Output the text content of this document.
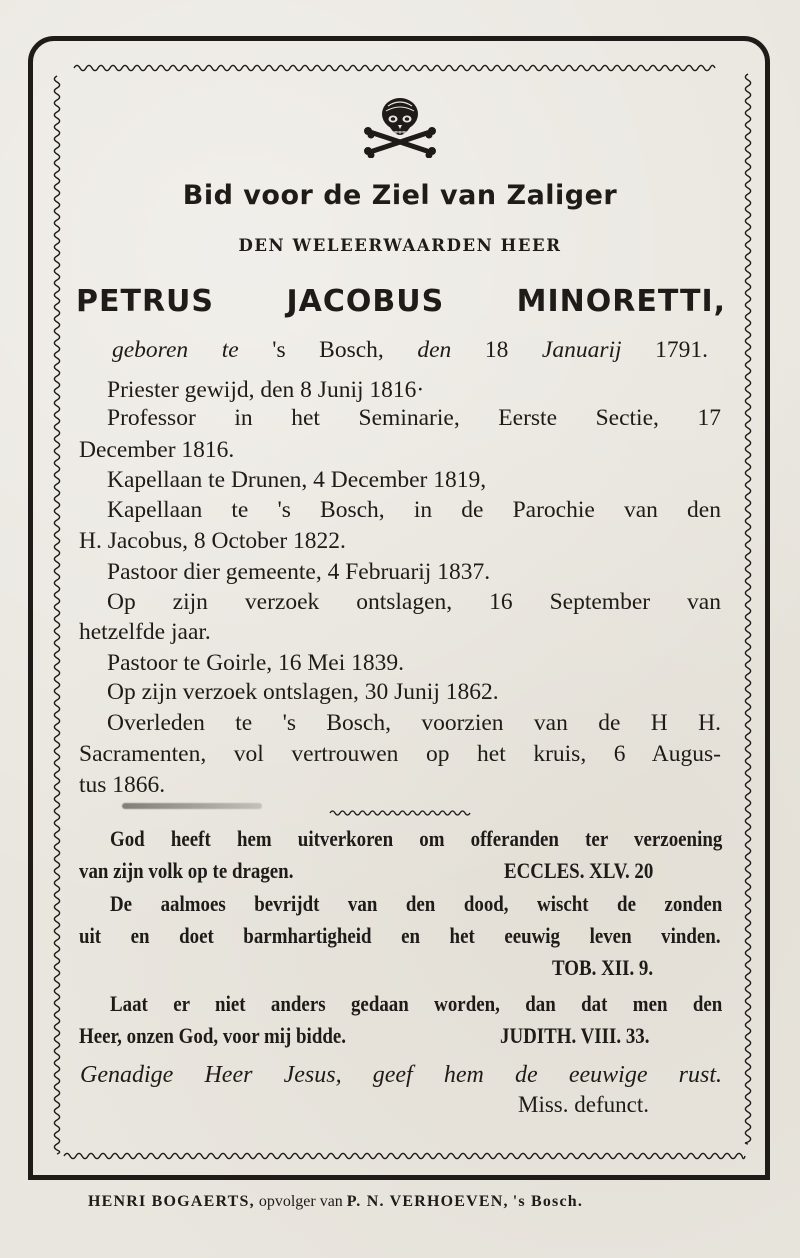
Bid voor de Ziel van Zaliger
DEN WELEERWAARDEN HEER
PETRUS JACOBUS MINORETTI,
geboren te 's Bosch, den 18 Januarij 1791.
Priester gewijd, den 8 Junij 1816·
Professor in het Seminarie, Eerste Sectie, 17
December 1816.
Kapellaan te Drunen, 4 December 1819,
Kapellaan te 's Bosch, in de Parochie van den
H. Jacobus, 8 October 1822.
Pastoor dier gemeente, 4 Februarij 1837.
Op zijn verzoek ontslagen, 16 September van
hetzelfde jaar.
Pastoor te Goirle, 16 Mei 1839.
Op zijn verzoek ontslagen, 30 Junij 1862.
Overleden te 's Bosch, voorzien van de H H.
Sacramenten, vol vertrouwen op het kruis, 6 Augus-
tus 1866.
God heeft hem uitverkoren om offeranden ter verzoening
van zijn volk op te dragen.	ECCLES. XLV. 20
De aalmoes bevrijdt van den dood, wischt de zonden
uit en doet barmhartigheid en het eeuwig leven vinden.
TOB. XII. 9.
Laat er niet anders gedaan worden, dan dat men den
Heer, onzen God, voor mij bidde.	JUDITH. VIII. 33.
Genadige Heer Jesus, geef hem de eeuwige rust.
Miss. defunct.
HENRI BOGAERTS, opvolger van P. N. VERHOEVEN, 's Bosch.
